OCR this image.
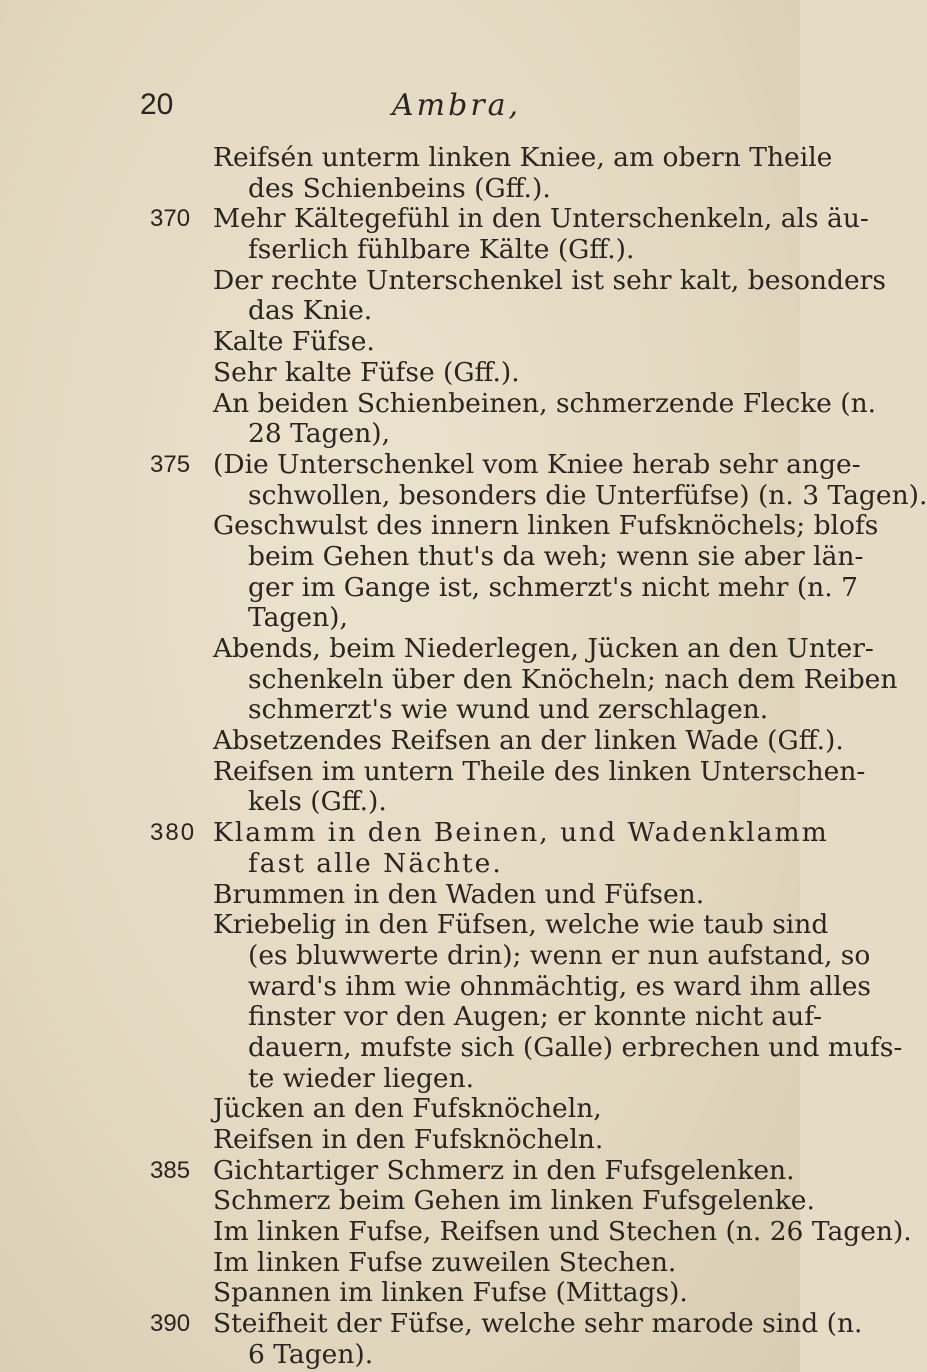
20	Ambra,
Reifsén unterm linken Kniee, am obern Theile
des Schienbeins (Gff.).
370 Mehr Kältegefühl in den Unterschenkeln, als äu-
fserlich fühlbare Kälte (Gff.).
Der rechte Unterschenkel ist sehr kalt, besonders
das Knie.
Kalte Füfse.
Sehr kalte Füfse (Gff.).
An beiden Schienbeinen, schmerzende Flecke (n.
28 Tagen),
375 (Die Unterschenkel vom Kniee herab sehr ange-
schwollen, besonders die Unterfüfse) (n. 3 Tagen).
Geschwulst des innern linken Fufsknöchels; blofs
beim Gehen thut's da weh; wenn sie aber län-
ger im Gange ist, schmerzt's nicht mehr (n. 7
Tagen),
Abends, beim Niederlegen, Jücken an den Unter-
schenkeln über den Knöcheln; nach dem Reiben
schmerzt's wie wund und zerschlagen.
Absetzendes Reifsen an der linken Wade (Gff.).
Reifsen im untern Theile des linken Unterschen-
kels (Gff.).
380 Klamm in den Beinen, und Wadenklamm
fast alle Nächte.
Brummen in den Waden und Füfsen.
Kriebelig in den Füfsen, welche wie taub sind
(es bluwwerte drin); wenn er nun aufstand, so
ward's ihm wie ohnmächtig, es ward ihm alles
finster vor den Augen; er konnte nicht auf-
dauern, mufste sich (Galle) erbrechen und mufs-
te wieder liegen.
Jücken an den Fufsknöcheln,
Reifsen in den Fufsknöcheln.
385 Gichtartiger Schmerz in den Fufsgelenken.
Schmerz beim Gehen im linken Fufsgelenke.
Im linken Fufse, Reifsen und Stechen (n. 26 Tagen).
Im linken Fufse zuweilen Stechen.
Spannen im linken Fufse (Mittags).
390 Steifheit der Füfse, welche sehr marode sind (n.
6 Tagen).
